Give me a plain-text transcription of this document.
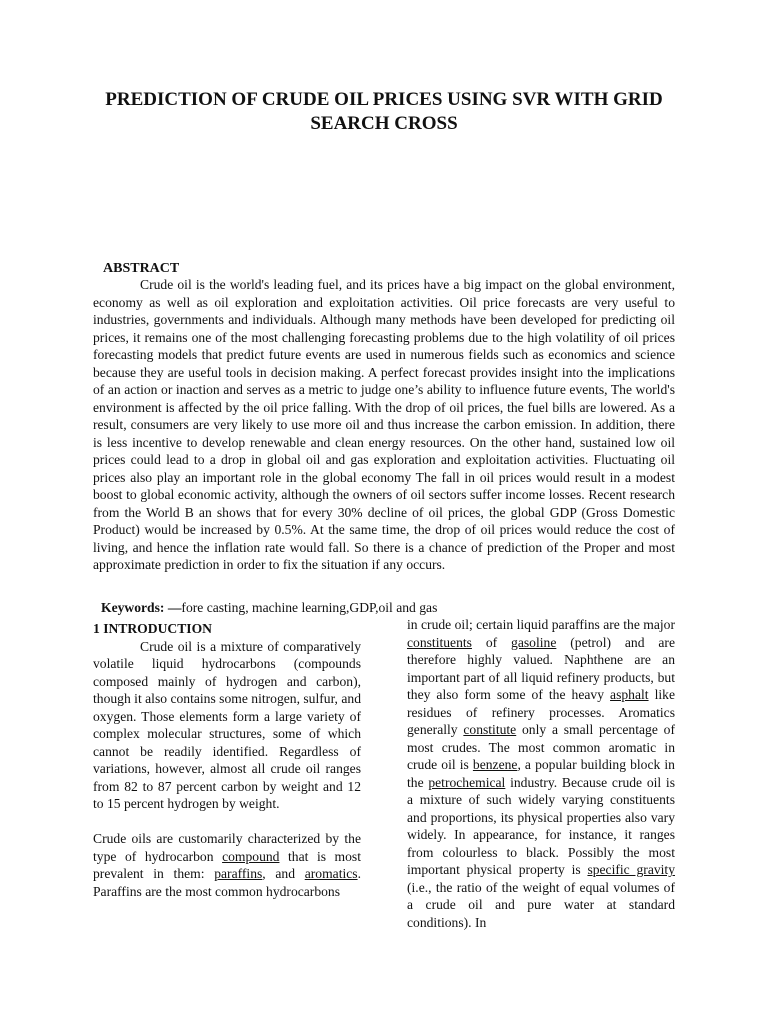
PREDICTION OF CRUDE OIL PRICES USING SVR WITH GRID SEARCH CROSS
ABSTRACT

Crude oil is the world's leading fuel, and its prices have a big impact on the global environment, economy as well as oil exploration and exploitation activities. Oil price forecasts are very useful to industries, governments and individuals. Although many methods have been developed for predicting oil prices, it remains one of the most challenging forecasting problems due to the high volatility of oil prices forecasting models that predict future events are used in numerous fields such as economics and science because they are useful tools in decision making. A perfect forecast provides insight into the implications of an action or inaction and serves as a metric to judge one’s ability to influence future events, The world's environment is affected by the oil price falling. With the drop of oil prices, the fuel bills are lowered. As a result, consumers are very likely to use more oil and thus increase the carbon emission. In addition, there is less incentive to develop renewable and clean energy resources. On the other hand, sustained low oil prices could lead to a drop in global oil and gas exploration and exploitation activities. Fluctuating oil prices also play an important role in the global economy The fall in oil prices would result in a modest boost to global economic activity, although the owners of oil sectors suffer income losses. Recent research from the World B an shows that for every 30% decline of oil prices, the global GDP (Gross Domestic Product) would be increased by 0.5%. At the same time, the drop of oil prices would reduce the cost of living, and hence the inflation rate would fall. So there is a chance of prediction of the Proper and most approximate prediction in order to fix the situation if any occurs.

Keywords: —fore casting, machine learning,GDP,oil and gas

1 INTRODUCTION

Crude oil is a mixture of comparatively volatile liquid hydrocarbons (compounds composed mainly of hydrogen and carbon), though it also contains some nitrogen, sulfur, and oxygen. Those elements form a large variety of complex molecular structures, some of which cannot be readily identified. Regardless of variations, however, almost all crude oil ranges from 82 to 87 percent carbon by weight and 12 to 15 percent hydrogen by weight.

Crude oils are customarily characterized by the type of hydrocarbon compound that is most prevalent in them: paraffins, and aromatics. Paraffins are the most common hydrocarbons

in crude oil; certain liquid paraffins are the major constituents of gasoline (petrol) and are therefore highly valued. Naphthene are an important part of all liquid refinery products, but they also form some of the heavy asphalt like residues of refinery processes. Aromatics generally constitute only a small percentage of most crudes. The most common aromatic in crude oil is benzene, a popular building block in the petrochemical industry. Because crude oil is a mixture of such widely varying constituents and proportions, its physical properties also vary widely. In appearance, for instance, it ranges from colourless to black. Possibly the most important physical property is specific gravity (i.e., the ratio of the weight of equal volumes of a crude oil and pure water at standard conditions). In
